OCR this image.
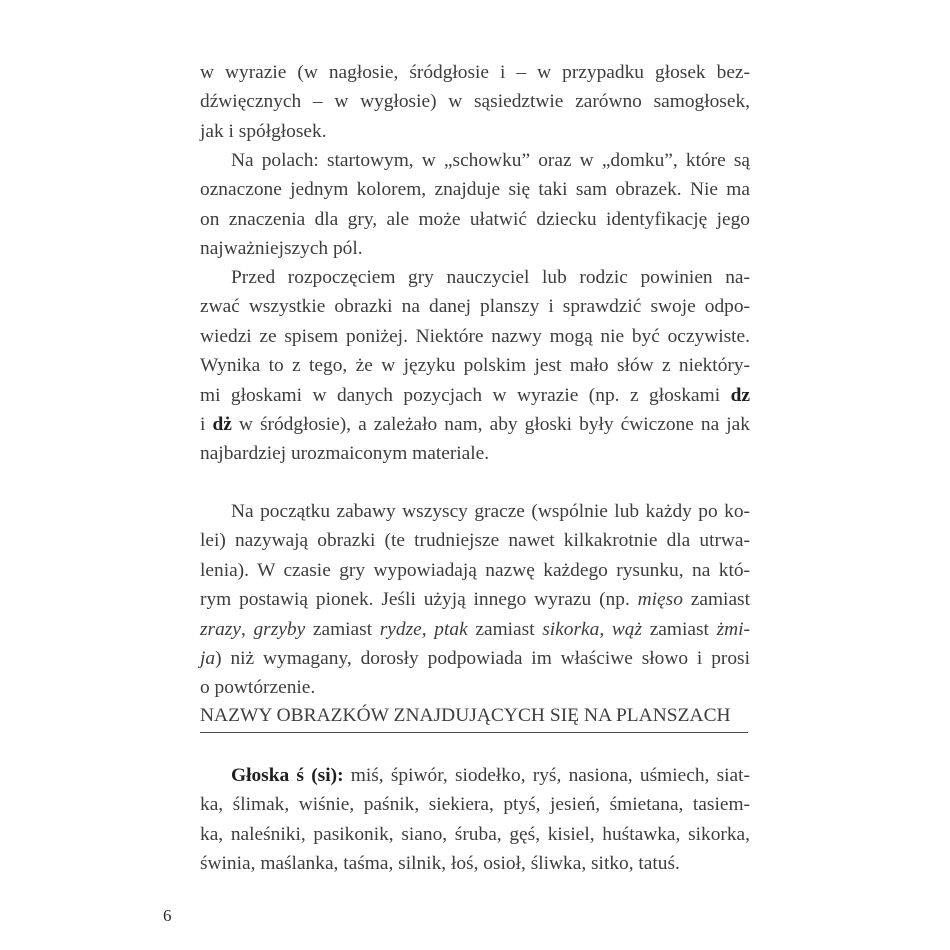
w wyrazie (w nagłosie, śródgłosie i – w przypadku głosek bez-
dźwięcznych – w wygłosie) w sąsiedztwie zarówno samogłosek,
jak i spółgłosek.
Na polach: startowym, w „schowku” oraz w „domku”, które są
oznaczone jednym kolorem, znajduje się taki sam obrazek. Nie ma
on znaczenia dla gry, ale może ułatwić dziecku identyfikację jego
najważniejszych pól.
Przed rozpoczęciem gry nauczyciel lub rodzic powinien na-
zwać wszystkie obrazki na danej planszy i sprawdzić swoje odpo-
wiedzi ze spisem poniżej. Niektóre nazwy mogą nie być oczywiste.
Wynika to z tego, że w języku polskim jest mało słów z niektóry-
mi głoskami w danych pozycjach w wyrazie (np. z głoskami dz
i dż w śródgłosie), a zależało nam, aby głoski były ćwiczone na jak
najbardziej urozmaiconym materiale.
Na początku zabawy wszyscy gracze (wspólnie lub każdy po ko-
lei) nazywają obrazki (te trudniejsze nawet kilkakrotnie dla utrwa-
lenia). W czasie gry wypowiadają nazwę każdego rysunku, na któ-
rym postawią pionek. Jeśli użyją innego wyrazu (np. mięso zamiast
zrazy, grzyby zamiast rydze, ptak zamiast sikorka, wąż zamiast żmi-
ja) niż wymagany, dorosły podpowiada im właściwe słowo i prosi
o powtórzenie.
NAZWY OBRAZKÓW ZNAJDUJĄCYCH SIĘ NA PLANSZACH
Głoska ś (si): miś, śpiwór, siodełko, ryś, nasiona, uśmiech, siat-
ka, ślimak, wiśnie, paśnik, siekiera, ptyś, jesień, śmietana, tasiem-
ka, naleśniki, pasikonik, siano, śruba, gęś, kisiel, huśtawka, sikorka,
świnia, maślanka, taśma, silnik, łoś, osioł, śliwka, sitko, tatuś.
6
